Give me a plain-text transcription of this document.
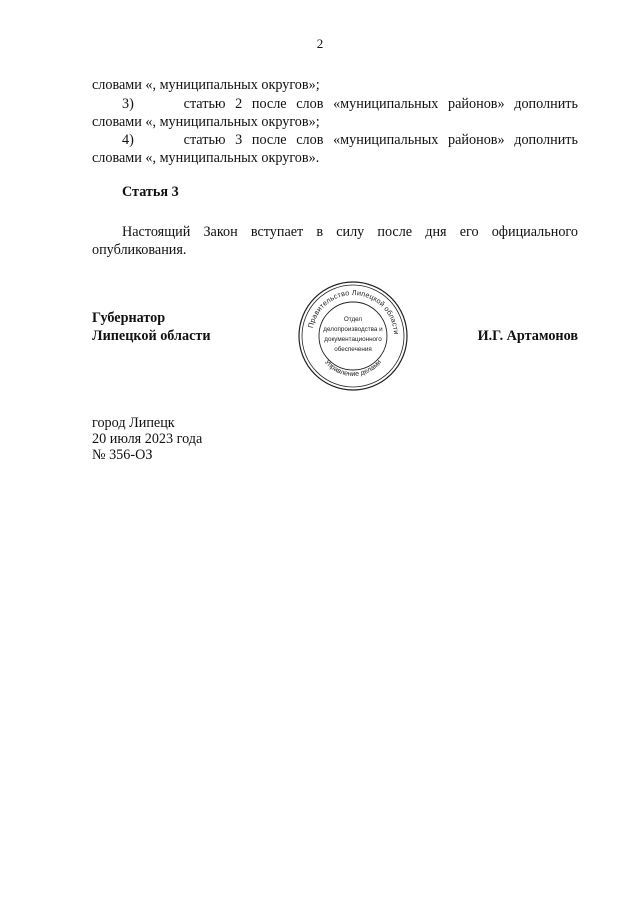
2
словами «, муниципальных округов»;
3)	статью 2 после слов «муниципальных районов» дополнить
словами «, муниципальных округов»;
4)	статью 3 после слов «муниципальных районов» дополнить
словами «, муниципальных округов».
Статья 3
Настоящий Закон вступает в силу после дня его официального
опубликования.
Губернатор
Липецкой области	И.Г. Артамонов
Правительство Липецкой области
Управление делами
Отдел
делопроизводства и
документационного
обеспечения
город Липецк
20 июля 2023 года
№ 356-ОЗ
